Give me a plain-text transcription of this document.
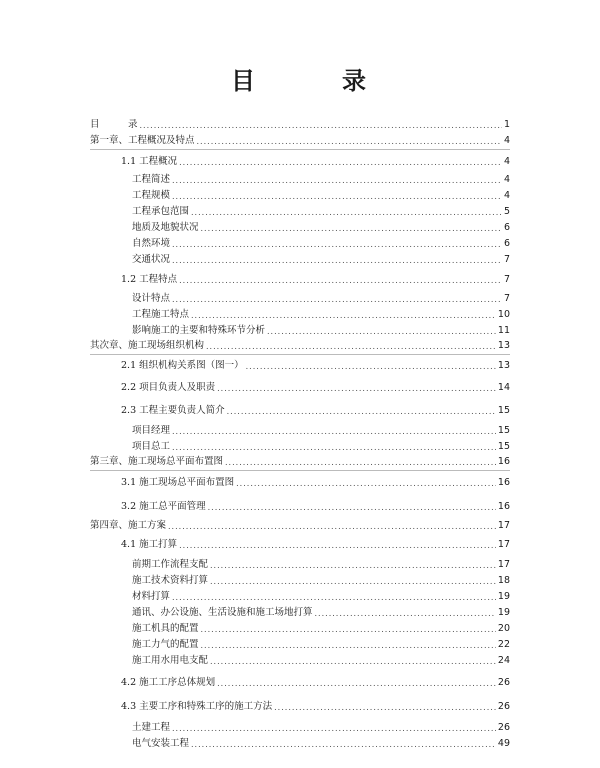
目	录
目　　　录 .....	1
第一章、工程概况及特点 .....	4
1.1 工程概况 .....	4
工程简述 .....	4
工程规模 .....	4
工程承包范围 .....	5
地质及地貌状况 .....	6
自然环境 .....	6
交通状况 .....	7
1.2 工程特点 .....	7
设计特点 .....	7
工程施工特点 .....	10
影响施工的主要和特殊环节分析 .....	11
其次章、施工现场组织机构 .....	13
2.1 组织机构关系图（图一） .....	13
2.2 项目负责人及职责 .....	14
2.3 工程主要负责人简介 .....	15
项目经理 .....	15
项目总工 .....	15
第三章、施工现场总平面布置图 .....	16
3.1 施工现场总平面布置图 .....	16
3.2 施工总平面管理 .....	16
第四章、施工方案 .....	17
4.1 施工打算 .....	17
前期工作流程支配 .....	17
施工技术资料打算 .....	18
材料打算 .....	19
通讯、办公设施、生活设施和施工场地打算 .....	19
施工机具的配置 .....	20
施工力气的配置 .....	22
施工用水用电支配 .....	24
4.2 施工工序总体规划 .....	26
4.3 主要工序和特殊工序的施工方法 .....	26
土建工程 .....	26
电气安装工程 .....	49
